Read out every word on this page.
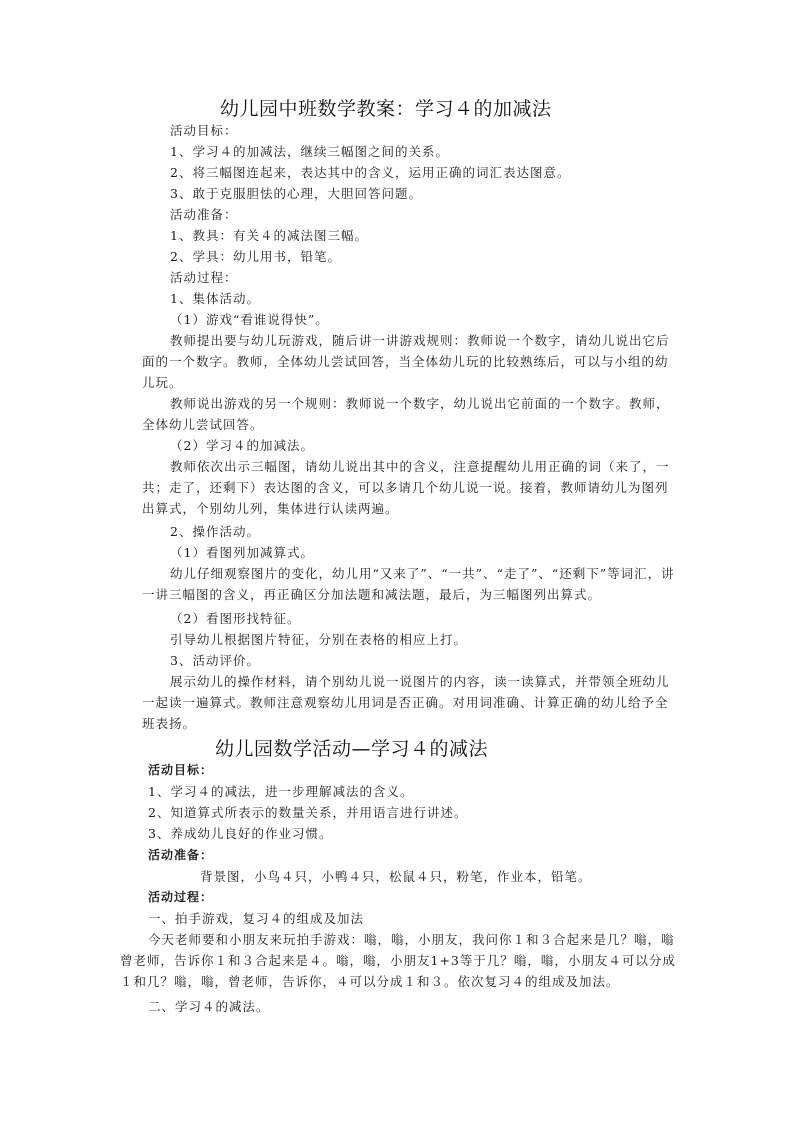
幼儿园中班数学教案：学习４的加减法
活动目标：
1、学习４的加减法，继续三幅图之间的关系。
2、将三幅图连起来，表达其中的含义，运用正确的词汇表达图意。
3、敢于克服胆怯的心理，大胆回答问题。
活动准备：
1、教具：有关４的减法图三幅。
2、学具：幼儿用书，铅笔。
活动过程：
1、集体活动。
（1）游戏“看谁说得快”。
教师提出要与幼儿玩游戏，随后讲一讲游戏规则：教师说一个数字，请幼儿说出它后面的一个数字。教师，全体幼儿尝试回答，当全体幼儿玩的比较熟练后，可以与小组的幼儿玩。
教师说出游戏的另一个规则：教师说一个数字，幼儿说出它前面的一个数字。教师，全体幼儿尝试回答。
（2）学习４的加减法。
教师依次出示三幅图，请幼儿说出其中的含义，注意提醒幼儿用正确的词（来了，一共；走了，还剩下）表达图的含义，可以多请几个幼儿说一说。接着，教师请幼儿为图列出算式，个别幼儿列，集体进行认读两遍。
2、操作活动。
（1）看图列加减算式。
幼儿仔细观察图片的变化，幼儿用“又来了”、“一共”、“走了”、“还剩下”等词汇，讲一讲三幅图的含义，再正确区分加法题和减法题，最后，为三幅图列出算式。
（2）看图形找特征。
引导幼儿根据图片特征，分别在表格的相应上打。
3、活动评价。
展示幼儿的操作材料，请个别幼儿说一说图片的内容，读一读算式，并带领全班幼儿一起读一遍算式。教师注意观察幼儿用词是否正确。对用词准确、计算正确的幼儿给予全班表扬。
幼儿园数学活动—学习４的减法
活动目标：
1、学习４的减法，进一步理解减法的含义。
2、知道算式所表示的数量关系，并用语言进行讲述。
3、养成幼儿良好的作业习惯。
活动准备：
背景图，小鸟４只，小鸭４只，松鼠４只，粉笔，作业本，铅笔。
活动过程：
一、拍手游戏，复习４的组成及加法
今天老师要和小朋友来玩拍手游戏：嗡，嗡，小朋友，我问你１和３合起来是几？嗡，嗡曾老师，告诉你１和３合起来是４。嗡，嗡，小朋友1+3等于几？嗡，嗡，小朋友４可以分成１和几？嗡，嗡，曾老师，告诉你，４可以分成１和３。依次复习４的组成及加法。
二、学习４的减法。
